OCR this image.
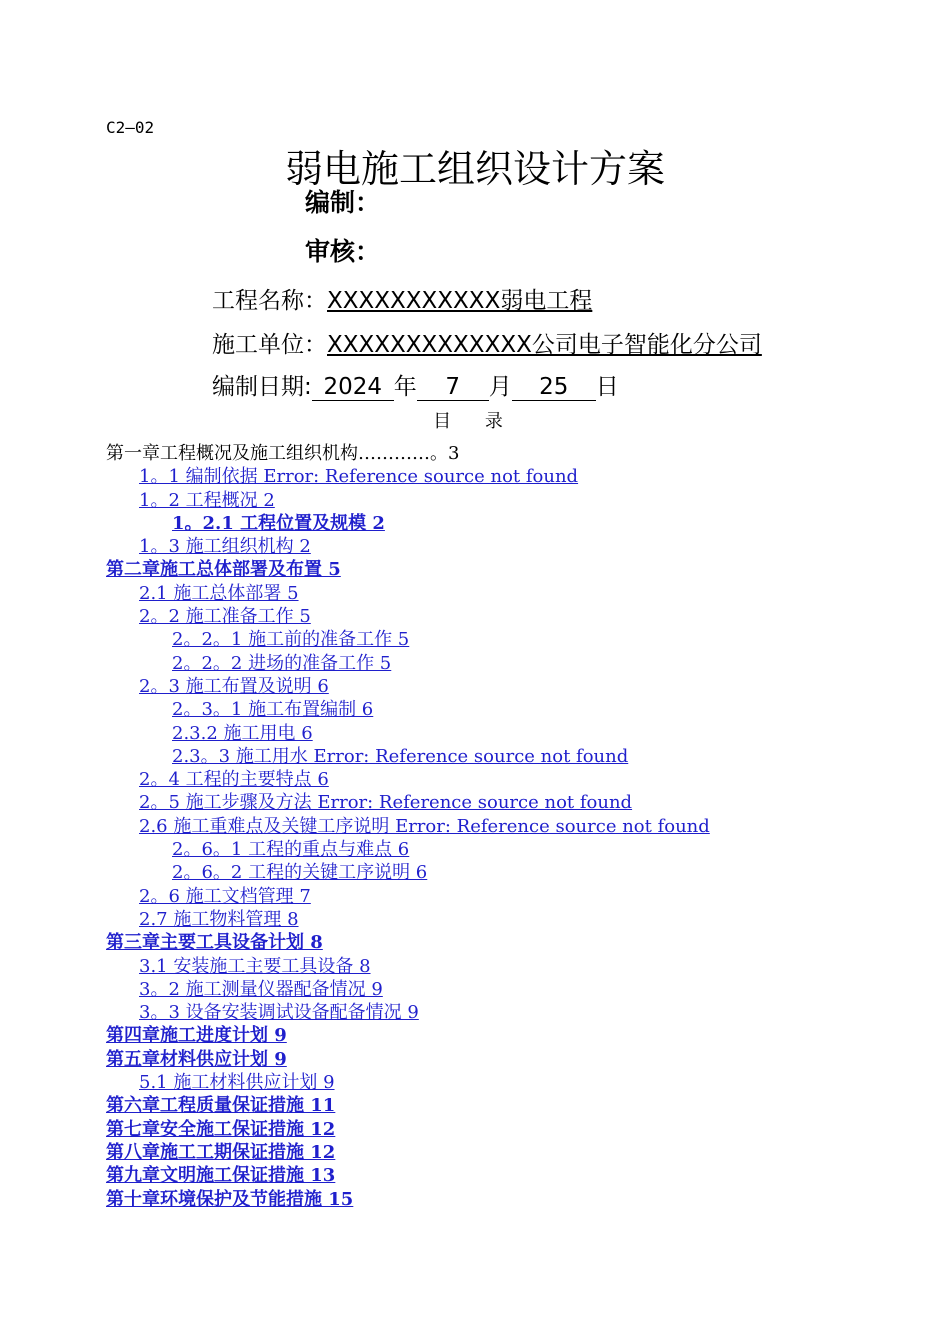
C2—02
弱电施工组织设计方案
编制：
审核：
工程名称：XXXXXXXXXXX弱电工程
施工单位：XXXXXXXXXXXXX公司电子智能化分公司
编制日期: 2024 年 7 月 25 日
目 录
第一章工程概况及施工组织机构…………。3
1。1 编制依据 Error: Reference source not found
1。2 工程概况 2
1。2.1 工程位置及规模 2
1。3 施工组织机构 2
第二章施工总体部署及布置 5
2.1 施工总体部署 5
2。2 施工准备工作 5
2。2。1 施工前的准备工作 5
2。2。2 进场的准备工作 5
2。3 施工布置及说明 6
2。3。1 施工布置编制 6
2.3.2 施工用电 6
2.3。3 施工用水 Error: Reference source not found
2。4 工程的主要特点 6
2。5 施工步骤及方法 Error: Reference source not found
2.6 施工重难点及关键工序说明 Error: Reference source not found
2。6。1 工程的重点与难点 6
2。6。2 工程的关键工序说明 6
2。6 施工文档管理 7
2.7 施工物料管理 8
第三章主要工具设备计划 8
3.1 安装施工主要工具设备 8
3。2 施工测量仪器配备情况 9
3。3 设备安装调试设备配备情况 9
第四章施工进度计划 9
第五章材料供应计划 9
5.1 施工材料供应计划 9
第六章工程质量保证措施 11
第七章安全施工保证措施 12
第八章施工工期保证措施 12
第九章文明施工保证措施 13
第十章环境保护及节能措施 15
